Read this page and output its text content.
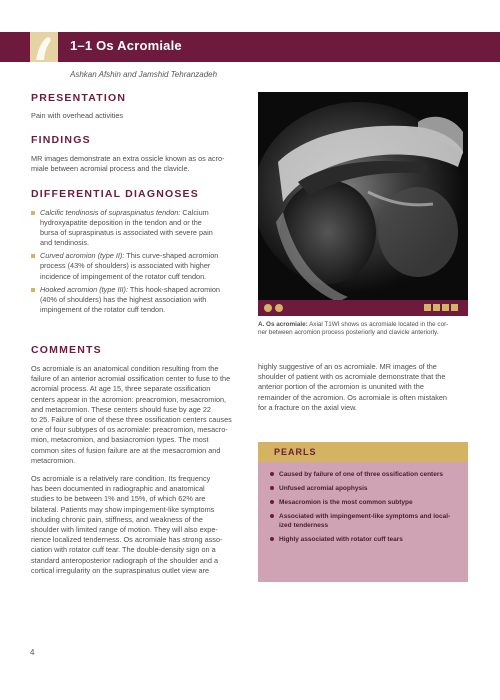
1–1 Os Acromiale
Ashkan Afshin and Jamshid Tehranzadeh
PRESENTATION
Pain with overhead activities
FINDINGS
MR images demonstrate an extra ossicle known as os acro-
miale between acromial process and the clavicle.
DIFFERENTIAL DIAGNOSES
Calcific tendinosis of supraspinatus tendon: Calcium
hydroxyapatite deposition in the tendon and or the
bursa of supraspinatus is associated with severe pain
and tendinosis.
Curved acromion (type II): This curve-shaped acromion
process (43% of shoulders) is associated with higher
incidence of impingement of the rotator cuff tendon.
Hooked acromion (type III): This hook-shaped acromion
(40% of shoulders) has the highest association with
impingement of the rotator cuff tendon.
A. Os acromiale: Axial T1WI shows os acromiale located in the cor-
ner between acromion process posteriorly and clavicle anteriorly.
COMMENTS
Os acromiale is an anatomical condition resulting from the
failure of an anterior acromial ossification center to fuse to the
acromial process. At age 15, three separate ossification
centers appear in the acromion: preacromion, mesacromion,
and metacromion. These centers should fuse by age 22
to 25. Failure of one of these three ossification centers causes
one of four subtypes of os acromiale: preacromion, mesacro-
mion, metacromion, and basiacromion types. The most
common sites of fusion failure are at the mesacromion and
metacromion.
Os acromiale is a relatively rare condition. Its frequency
has been documented in radiographic and anatomical
studies to be between 1% and 15%, of which 62% are
bilateral. Patients may show impingement-like symptoms
including chronic pain, stiffness, and weakness of the
shoulder with limited range of motion. They will also expe-
rience localized tenderness. Os acromiale has strong asso-
ciation with rotator cuff tear. The double-density sign on a
standard anteroposterior radiograph of the shoulder and a
cortical irregularity on the supraspinatus outlet view are
highly suggestive of an os acromiale. MR images of the
shoulder of patient with os acromiale demonstrate that the
anterior portion of the acromion is ununited with the
remainder of the acromion. Os acromiale is often mistaken
for a fracture on the axial view.
PEARLS
Caused by failure of one of three ossification centers
Unfused acromial apophysis
Mesacromion is the most common subtype
Associated with impingement-like symptoms and local-
ized tenderness
Highly associated with rotator cuff tears
4
